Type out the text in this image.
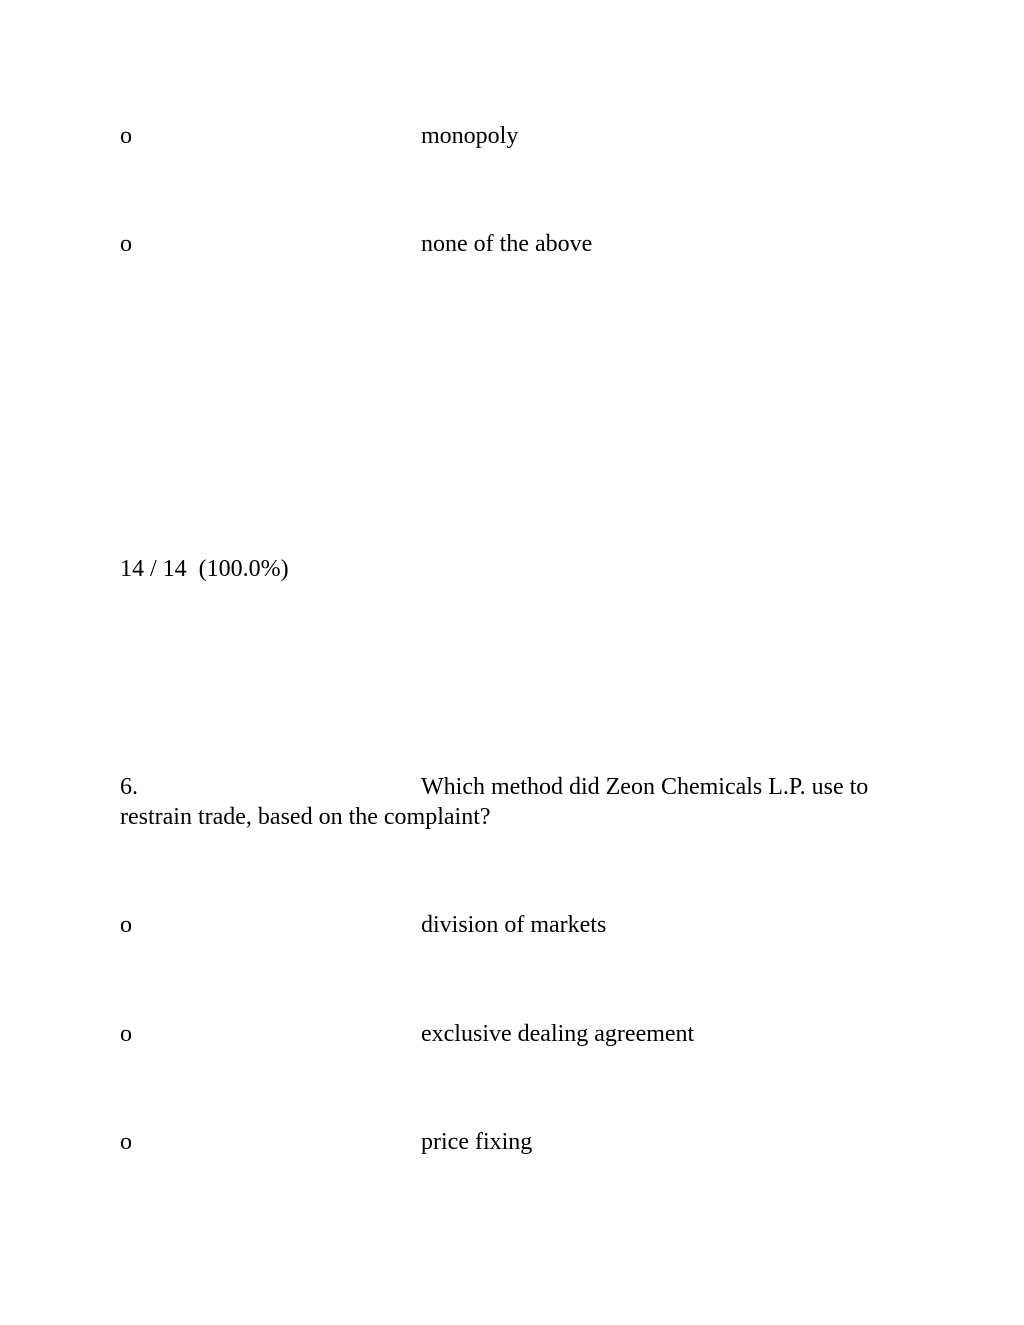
o	monopoly
o	none of the above
14 / 14  (100.0%)
6.	Which method did Zeon Chemicals L.P. use to restrain trade, based on the complaint?
o	division of markets
o	exclusive dealing agreement
o	price fixing
